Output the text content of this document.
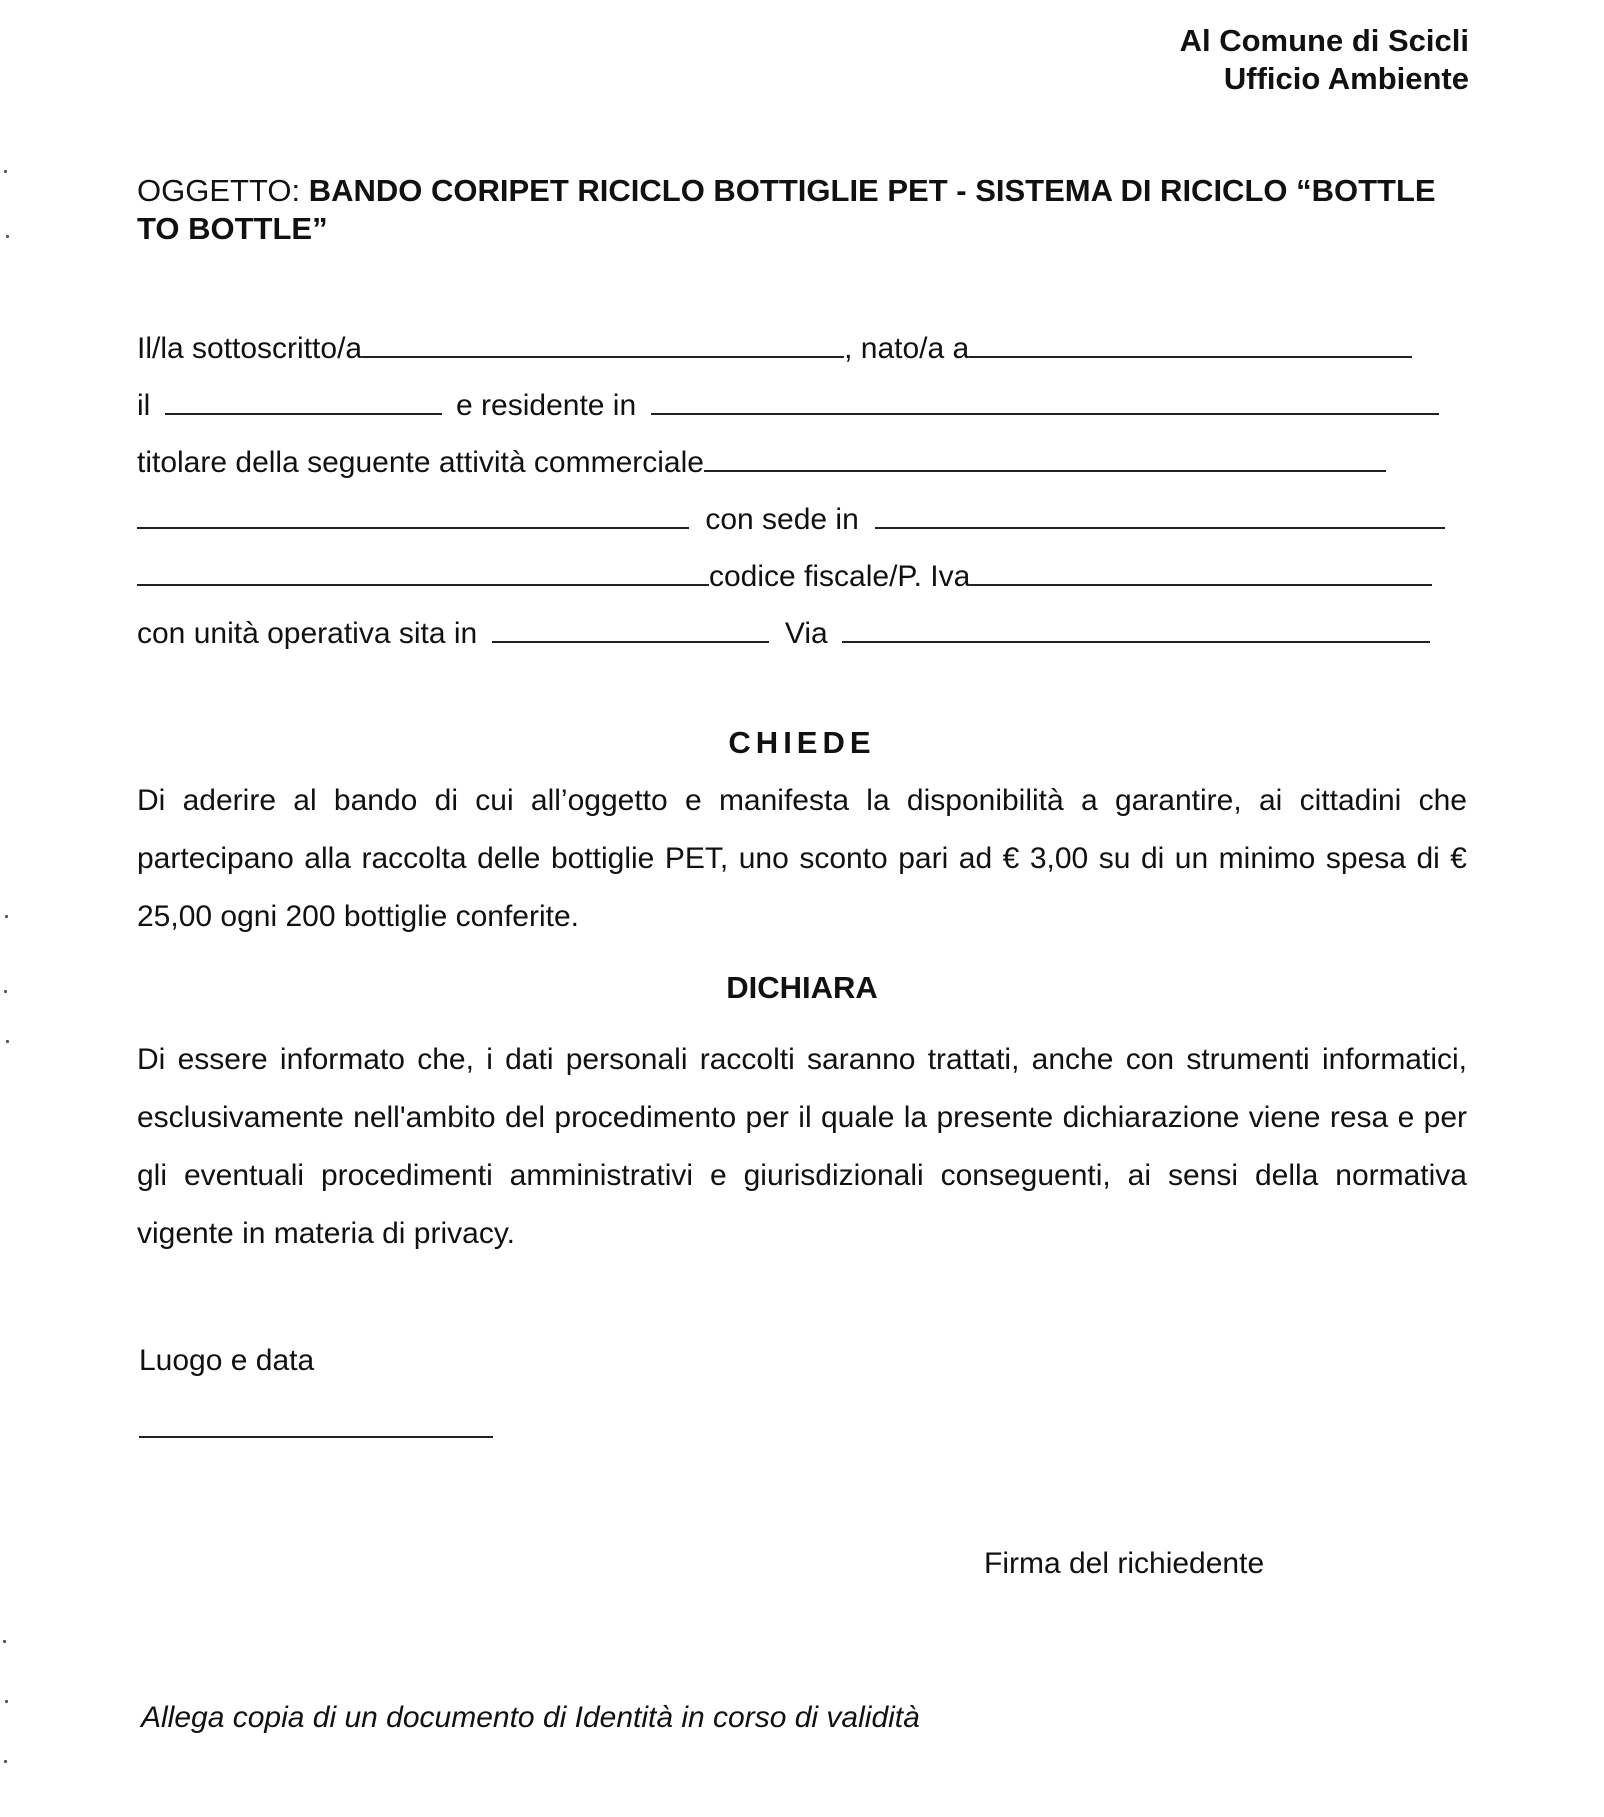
Al Comune di Scicli
Ufficio Ambiente
OGGETTO: BANDO CORIPET RICICLO BOTTIGLIE PET - SISTEMA DI RICICLO “BOTTLE TO BOTTLE”
Il/la sottoscritto/a	, nato/a a
il	e residente in
titolare della seguente attività commerciale
con sede in
codice fiscale/P. Iva
con unità operativa sita in	Via
CHIEDE
Di aderire al bando di cui all’oggetto e manifesta la disponibilità a garantire, ai cittadini che partecipano alla raccolta delle bottiglie PET, uno sconto pari ad € 3,00 su di un minimo spesa di € 25,00 ogni 200 bottiglie conferite.
DICHIARA
Di essere informato che, i dati personali raccolti saranno trattati, anche con strumenti informatici, esclusivamente nell'ambito del procedimento per il quale la presente dichiarazione viene resa e per gli eventuali procedimenti amministrativi e giurisdizionali conseguenti, ai sensi della normativa vigente in materia di privacy.
Luogo e data
Firma del richiedente
Allega copia di un documento di Identità in corso di validità
